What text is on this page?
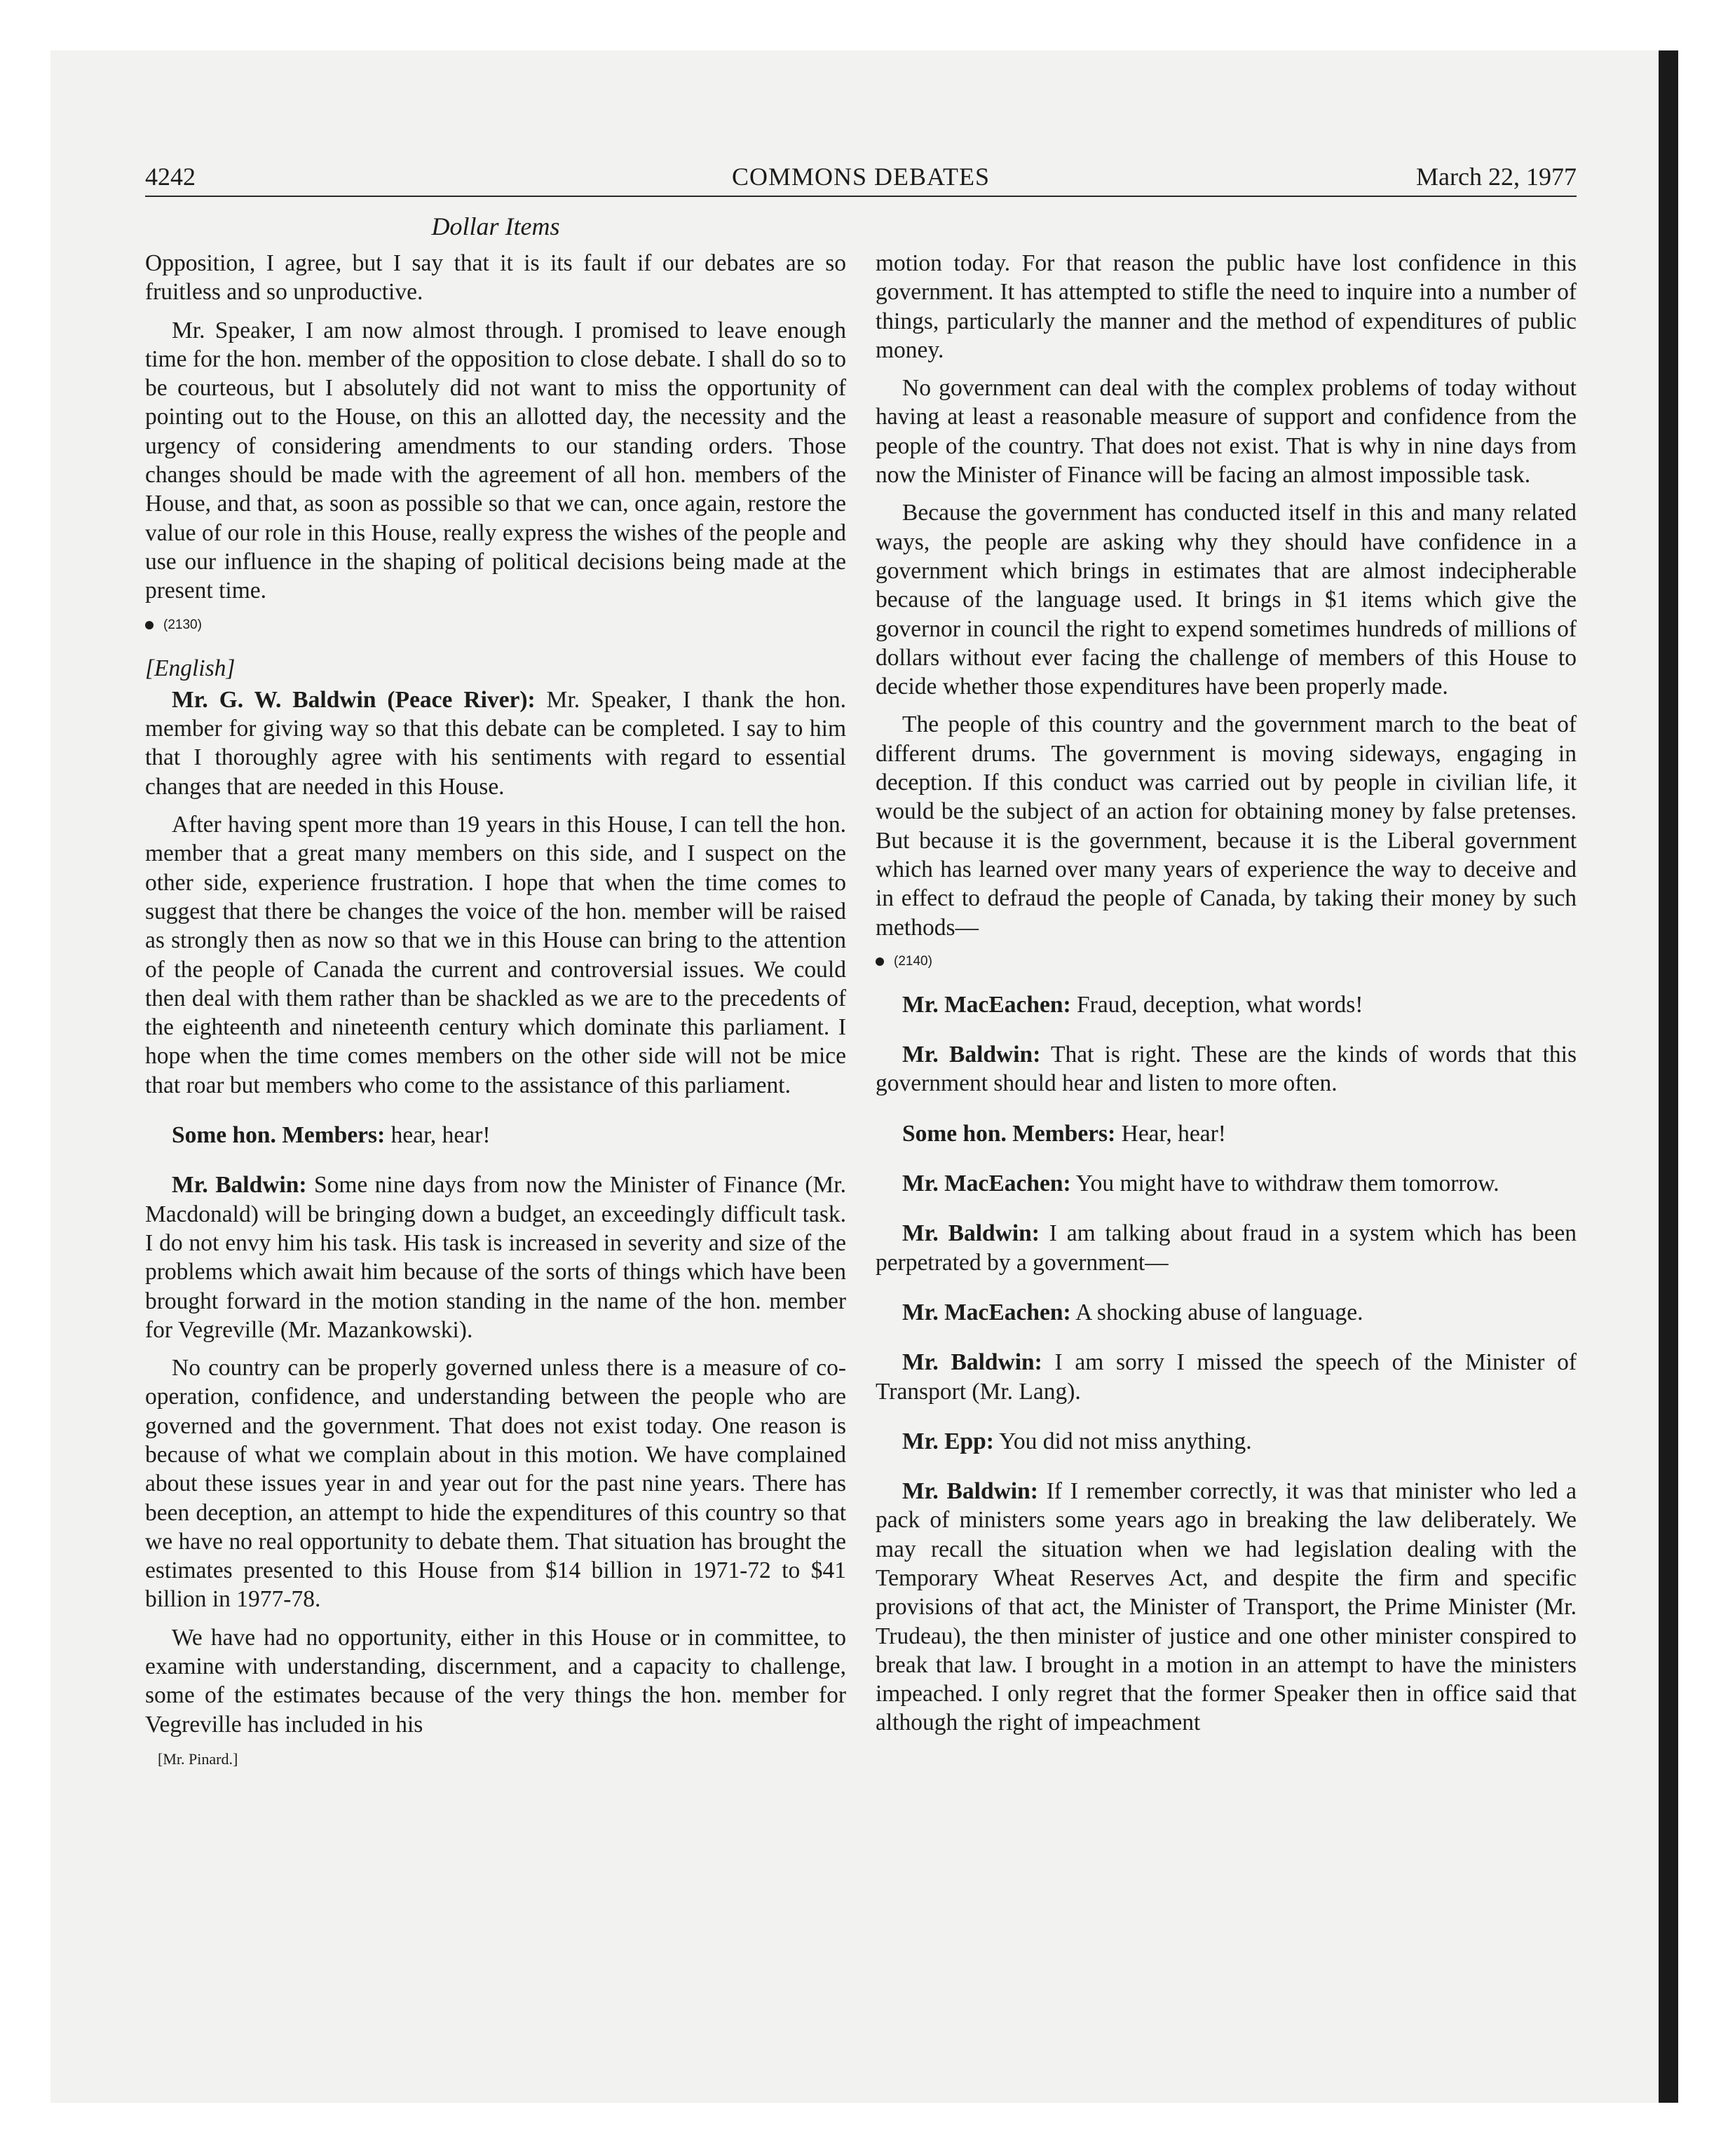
4242	COMMONS DEBATES	March 22, 1977
Dollar Items

Opposition, I agree, but I say that it is its fault if our debates are so fruitless and so unproductive.

Mr. Speaker, I am now almost through. I promised to leave enough time for the hon. member of the opposition to close debate. I shall do so to be courteous, but I absolutely did not want to miss the opportunity of pointing out to the House, on this an allotted day, the necessity and the urgency of considering amendments to our standing orders. Those changes should be made with the agreement of all hon. members of the House, and that, as soon as possible so that we can, once again, restore the value of our role in this House, really express the wishes of the people and use our influence in the shaping of political decisions being made at the present time.

(2130)
[English]

Mr. G. W. Baldwin (Peace River): Mr. Speaker, I thank the hon. member for giving way so that this debate can be completed. I say to him that I thoroughly agree with his sentiments with regard to essential changes that are needed in this House.

After having spent more than 19 years in this House, I can tell the hon. member that a great many members on this side, and I suspect on the other side, experience frustration. I hope that when the time comes to suggest that there be changes the voice of the hon. member will be raised as strongly then as now so that we in this House can bring to the attention of the people of Canada the current and controversial issues. We could then deal with them rather than be shackled as we are to the precedents of the eighteenth and nineteenth century which dominate this parliament. I hope when the time comes members on the other side will not be mice that roar but members who come to the assistance of this parliament.

Some hon. Members: hear, hear!

Mr. Baldwin: Some nine days from now the Minister of Finance (Mr. Macdonald) will be bringing down a budget, an exceedingly difficult task. I do not envy him his task. His task is increased in severity and size of the problems which await him because of the sorts of things which have been brought forward in the motion standing in the name of the hon. member for Vegreville (Mr. Mazankowski).

No country can be properly governed unless there is a measure of co-operation, confidence, and understanding between the people who are governed and the government. That does not exist today. One reason is because of what we complain about in this motion. We have complained about these issues year in and year out for the past nine years. There has been deception, an attempt to hide the expenditures of this country so that we have no real opportunity to debate them. That situation has brought the estimates presented to this House from $14 billion in 1971-72 to $41 billion in 1977-78.

We have had no opportunity, either in this House or in committee, to examine with understanding, discernment, and a capacity to challenge, some of the estimates because of the very things the hon. member for Vegreville has included in his

[Mr. Pinard.]

motion today. For that reason the public have lost confidence in this government. It has attempted to stifle the need to inquire into a number of things, particularly the manner and the method of expenditures of public money.

No government can deal with the complex problems of today without having at least a reasonable measure of support and confidence from the people of the country. That does not exist. That is why in nine days from now the Minister of Finance will be facing an almost impossible task.

Because the government has conducted itself in this and many related ways, the people are asking why they should have confidence in a government which brings in estimates that are almost indecipherable because of the language used. It brings in $1 items which give the governor in council the right to expend sometimes hundreds of millions of dollars without ever facing the challenge of members of this House to decide whether those expenditures have been properly made.

The people of this country and the government march to the beat of different drums. The government is moving sideways, engaging in deception. If this conduct was carried out by people in civilian life, it would be the subject of an action for obtaining money by false pretenses. But because it is the government, because it is the Liberal government which has learned over many years of experience the way to deceive and in effect to defraud the people of Canada, by taking their money by such methods—

(2140)

Mr. MacEachen: Fraud, deception, what words!

Mr. Baldwin: That is right. These are the kinds of words that this government should hear and listen to more often.

Some hon. Members: Hear, hear!

Mr. MacEachen: You might have to withdraw them tomorrow.

Mr. Baldwin: I am talking about fraud in a system which has been perpetrated by a government—

Mr. MacEachen: A shocking abuse of language.

Mr. Baldwin: I am sorry I missed the speech of the Minister of Transport (Mr. Lang).

Mr. Epp: You did not miss anything.

Mr. Baldwin: If I remember correctly, it was that minister who led a pack of ministers some years ago in breaking the law deliberately. We may recall the situation when we had legislation dealing with the Temporary Wheat Reserves Act, and despite the firm and specific provisions of that act, the Minister of Transport, the Prime Minister (Mr. Trudeau), the then minister of justice and one other minister conspired to break that law. I brought in a motion in an attempt to have the ministers impeached. I only regret that the former Speaker then in office said that although the right of impeachment
